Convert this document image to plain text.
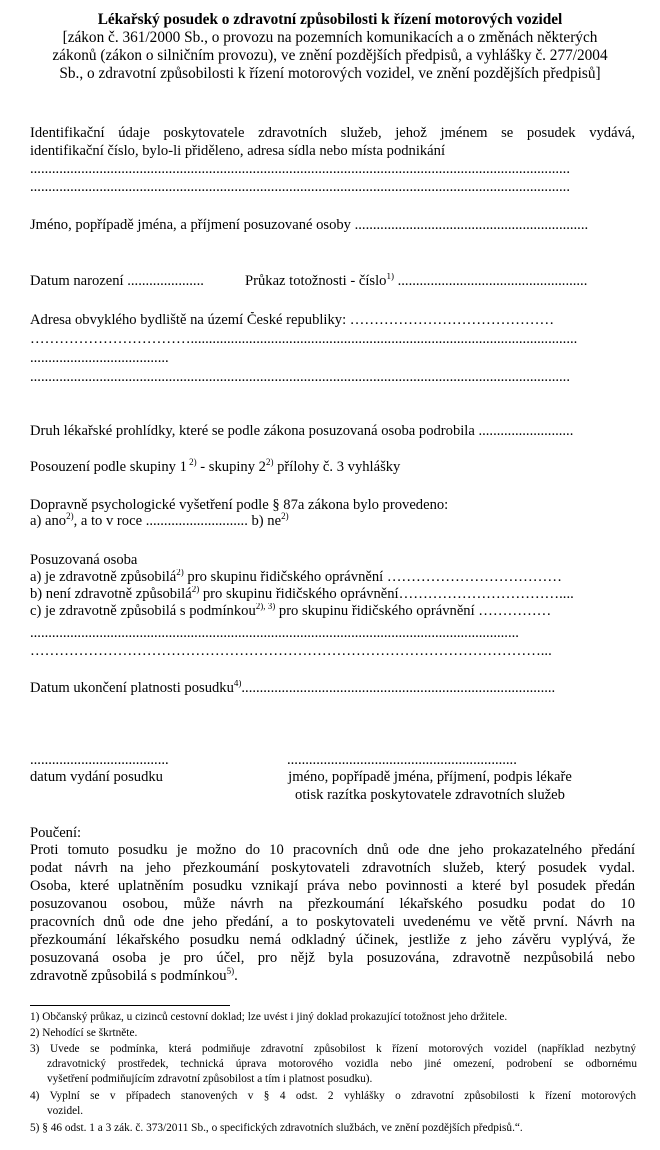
Lékařský posudek o zdravotní způsobilosti k řízení motorových vozidel
[zákon č. 361/2000 Sb., o provozu na pozemních komunikacích a o změnách některých
zákonů (zákon o silničním provozu), ve znění pozdějších předpisů, a vyhlášky č. 277/2004
Sb., o zdravotní způsobilosti k řízení motorových vozidel, ve znění pozdějších předpisů]
Identifikační údaje poskytovatele zdravotních služeb, jehož jménem se posudek vydává,
identifikační číslo, bylo-li přiděleno, adresa sídla nebo místa podnikání
....................................................................................................................................................
....................................................................................................................................................
Jméno, popřípadě jména, a příjmení posuzované osoby ................................................................
Datum narození .....................	Průkaz totožnosti - číslo$^{1)}$ ....................................................
Adresa obvyklého bydliště na území České republiky: ……………………………………
……………………………..........................................................................................................
......................................
....................................................................................................................................................
Druh lékařské prohlídky, které se podle zákona posuzovaná osoba podrobila ..........................
Posouzení podle skupiny 1 $^{2)}$ - skupiny 2$^{2)}$ přílohy č. 3 vyhlášky
Dopravně psychologické vyšetření podle § 87a zákona bylo provedeno:
a) ano$^{2)}$, a to v roce ............................ b) $ne^{2)}$
Posuzovaná osoba
a) je zdravotně způsobilá$^{2)}$ pro skupinu řidičského oprávnění ………………………………
b) není zdravotně způsobilá$^{2)}$ pro skupinu řidičského oprávnění……………………………....
c) je zdravotně způsobilá s podmínkou$^{2), 3)}$ pro skupinu řidičského oprávnění ……………
......................................................................................................................................
……………………………………………………………………………………………...
Datum ukončení platnosti posudku$^{4)}$......................................................................................
......................................	...............................................................
datum vydání posudku	jméno, popřípadě jména, příjmení, podpis lékaře
otisk razítka poskytovatele zdravotních služeb
Poučení:
Proti tomuto posudku je možno do 10 pracovních dnů ode dne jeho prokazatelného předání
podat návrh na jeho přezkoumání poskytovateli zdravotních služeb, který posudek vydal.
Osoba, které uplatněním posudku vznikají práva nebo povinnosti a které byl posudek předán
posuzovanou osobou, může návrh na přezkoumání lékařského posudku podat do 10
pracovních dnů ode dne jeho předání, a to poskytovateli uvedenému ve větě první. Návrh na
přezkoumání lékařského posudku nemá odkladný účinek, jestliže z jeho závěru vyplývá, že
posuzovaná osoba je pro účel, pro nějž byla posuzována, zdravotně nezpůsobilá nebo
zdravotně způsobilá s podmínkou$^{5)}$.
1) Občanský průkaz, u cizinců cestovní doklad; lze uvést i jiný doklad prokazující totožnost jeho držitele.
2) Nehodící se škrtněte.
3) Uvede se podmínka, která podmiňuje zdravotní způsobilost k řízení motorových vozidel (například nezbytný
zdravotnický prostředek, technická úprava motorového vozidla nebo jiné omezení, podrobení se odbornému
vyšetření podmiňujícím zdravotní způsobilost a tím i platnost posudku).
4) Vyplní se v případech stanovených v § 4 odst. 2 vyhlášky o zdravotní způsobilosti k řízení motorových
vozidel.
5) § 46 odst. 1 a 3 zák. č. 373/2011 Sb., o specifických zdravotních službách, ve znění pozdějších předpisů.“.
